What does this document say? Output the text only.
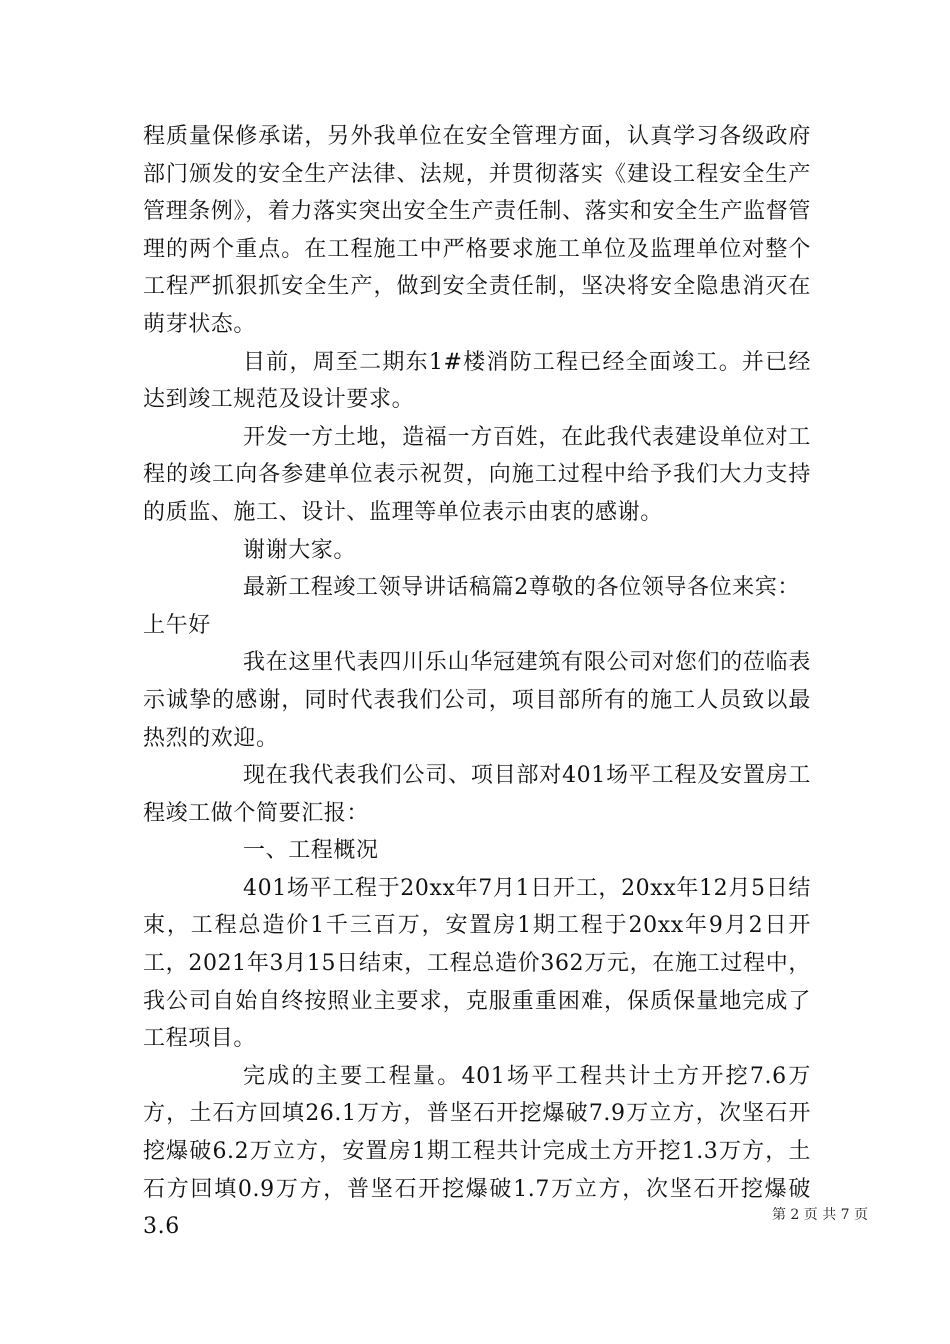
程质量保修承诺，另外我单位在安全管理方面，认真学习各级政府部门颁发的安全生产法律、法规，并贯彻落实《建设工程安全生产管理条例》，着力落实突出安全生产责任制、落实和安全生产监督管理的两个重点。在工程施工中严格要求施工单位及监理单位对整个工程严抓狠抓安全生产，做到安全责任制，坚决将安全隐患消灭在萌芽状态。

目前，周至二期东1#楼消防工程已经全面竣工。并已经达到竣工规范及设计要求。

开发一方土地，造福一方百姓，在此我代表建设单位对工程的竣工向各参建单位表示祝贺，向施工过程中给予我们大力支持的质监、施工、设计、监理等单位表示由衷的感谢。

谢谢大家。

最新工程竣工领导讲话稿篇2尊敬的各位领导各位来宾：

上午好

我在这里代表四川乐山华冠建筑有限公司对您们的莅临表示诚挚的感谢，同时代表我们公司，项目部所有的施工人员致以最热烈的欢迎。

现在我代表我们公司、项目部对401场平工程及安置房工程竣工做个简要汇报：

一、工程概况

401场平工程于20xx年7月1日开工，20xx年12月5日结束，工程总造价1千三百万，安置房1期工程于20xx年9月2日开工，2021年3月15日结束，工程总造价362万元，在施工过程中，我公司自始自终按照业主要求，克服重重困难，保质保量地完成了工程项目。

完成的主要工程量。401场平工程共计土方开挖7.6万方，土石方回填26.1万方，普坚石开挖爆破7.9万立方，次坚石开挖爆破6.2万立方，安置房1期工程共计完成土方开挖1.3万方，土石方回填0.9万方，普坚石开挖爆破1.7万立方，次坚石开挖爆破3.6	第 2 页 共 7 页
